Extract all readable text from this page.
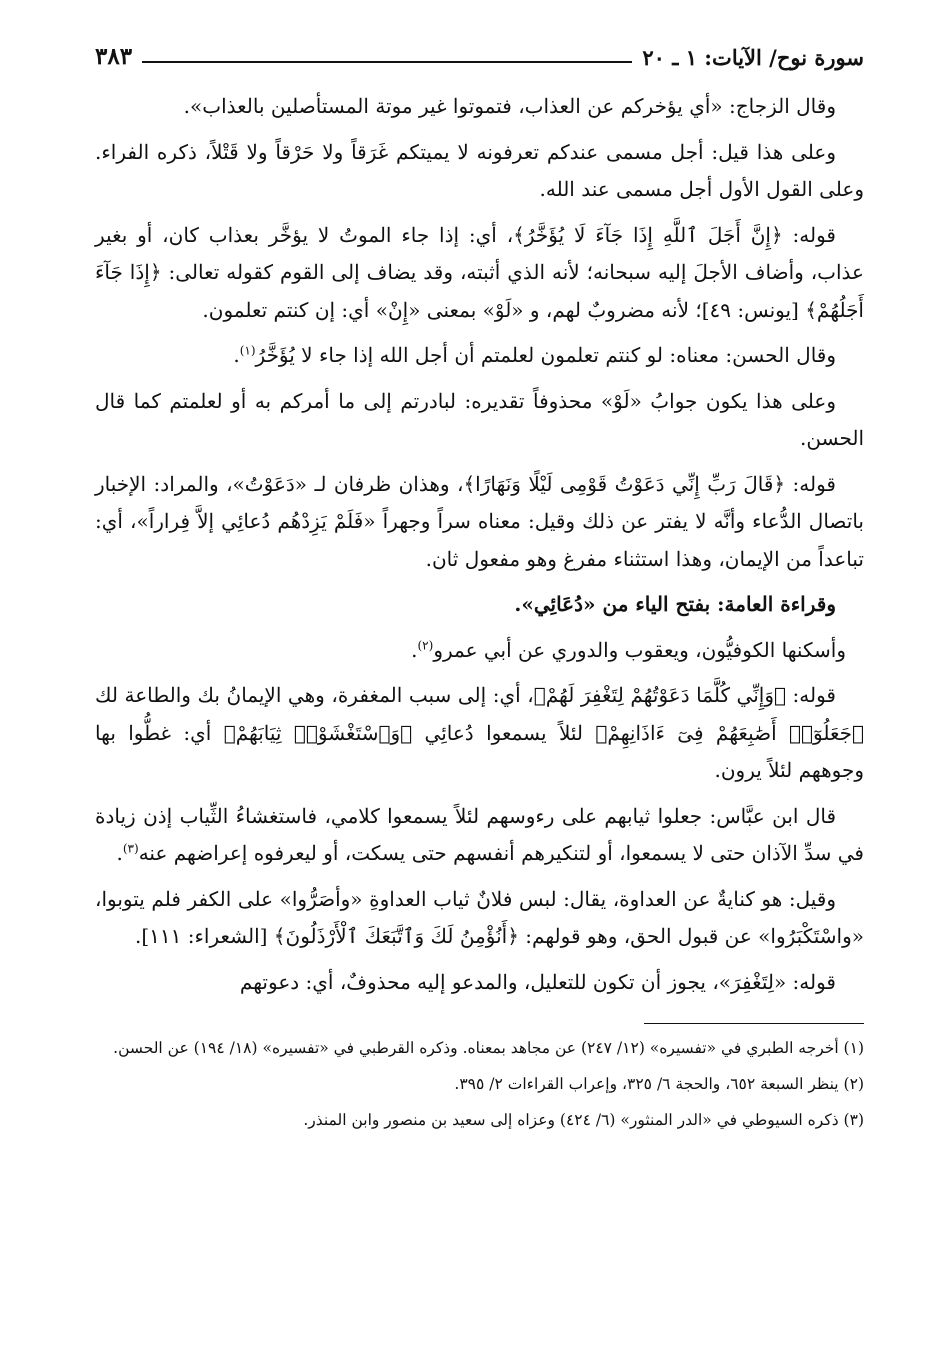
سورة نوح/ الآيات: ١ ـ ٢٠
٣٨٣

وقال الزجاج: «أي يؤخركم عن العذاب، فتموتوا غير موتة المستأصلين بالعذاب».

وعلى هذا قيل: أجل مسمى عندكم تعرفونه لا يميتكم غَرَقاً ولا حَرْقاً ولا قَتْلاً، ذكره الفراء. وعلى القول الأول أجل مسمى عند الله.

قوله: ﴿إِنَّ أَجَلَ ٱللَّهِ إِذَا جَآءَ لَا يُؤَخَّرُ﴾، أي: إذا جاء الموتُ لا يؤخَّر بعذاب كان، أو بغير عذاب، وأضاف الأجلَ إليه سبحانه؛ لأنه الذي أثبته، وقد يضاف إلى القوم كقوله تعالى: ﴿إِذَا جَآءَ أَجَلُهُمْ﴾ [يونس: ٤٩]؛ لأنه مضروبٌ لهم، و «لَوْ» بمعنى «إِنْ» أي: إن كنتم تعلمون.

وقال الحسن: معناه: لو كنتم تعلمون لعلمتم أن أجل الله إذا جاء لا يُؤَخَّرُ$^{(١)}$.

وعلى هذا يكون جوابُ «لَوْ» محذوفاً تقديره: لبادرتم إلى ما أمركم به أو لعلمتم كما قال الحسن.

قوله: ﴿قَالَ رَبِّ إِنِّي دَعَوْتُ قَوْمِى لَيْلًا وَنَهَارًا﴾، وهذان ظرفان لـ «دَعَوْتُ»، والمراد: الإخبار باتصال الدُّعاء وأنَّه لا يفتر عن ذلك وقيل: معناه سراً وجهراً «فَلَمْ يَزِدْهُم دُعائِي إلاَّ فِراراً»، أي: تباعداً من الإيمان، وهذا استثناء مفرغ وهو مفعول ثان.

وقراءة العامة: بفتح الياء من «دُعَائِي».

وأسكنها الكوفيُّون، ويعقوب والدوري عن أبي عمرو$^{(٢)}$.

قوله: ﴿وَإِنِّي كُلَّمَا دَعَوْتُهُمْ لِتَغْفِرَ لَهُمْ﴾، أي: إلى سبب المغفرة، وهي الإيمانُ بك والطاعة لك ﴿جَعَلُوٓا۟ أَصَٰبِعَهُمْ فِىٓ ءَاذَانِهِمْ﴾ لئلاً يسمعوا دُعائِي ﴿وَٱسْتَغْشَوْا۟ ثِيَابَهُمْ﴾ أي: غطُّوا بها وجوههم لئلاً يرون.

قال ابن عبَّاس: جعلوا ثيابهم على رءوسهم لئلاً يسمعوا كلامي، فاستغشاءُ الثِّياب إذن زيادة في سدِّ الآذان حتى لا يسمعوا، أو لتنكيرهم أنفسهم حتى يسكت، أو ليعرفوه إعراضهم عنه$^{(٣)}$.

وقيل: هو كنايةٌ عن العداوة، يقال: لبس فلانٌ ثياب العداوةِ «وأصَرُّوا» على الكفر فلم يتوبوا، «واسْتَكْبَرُوا» عن قبول الحق، وهو قولهم: ﴿أَنُؤْمِنُ لَكَ وَٱتَّبَعَكَ ٱلْأَرْذَلُونَ﴾ [الشعراء: ١١١].

قوله: «لِتَغْفِرَ»، يجوز أن تكون للتعليل، والمدعو إليه محذوفٌ، أي: دعوتهم

(١) أخرجه الطبري في «تفسيره» (١٢/ ٢٤٧) عن مجاهد بمعناه. وذكره القرطبي في «تفسيره» (١٨/ ١٩٤) عن الحسن.

(٢) ينظر السبعة ٦٥٢، والحجة ٦/ ٣٢٥، وإعراب القراءات ٢/ ٣٩٥.

(٣) ذكره السيوطي في «الدر المنثور» (٦/ ٤٢٤) وعزاه إلى سعيد بن منصور وابن المنذر.
